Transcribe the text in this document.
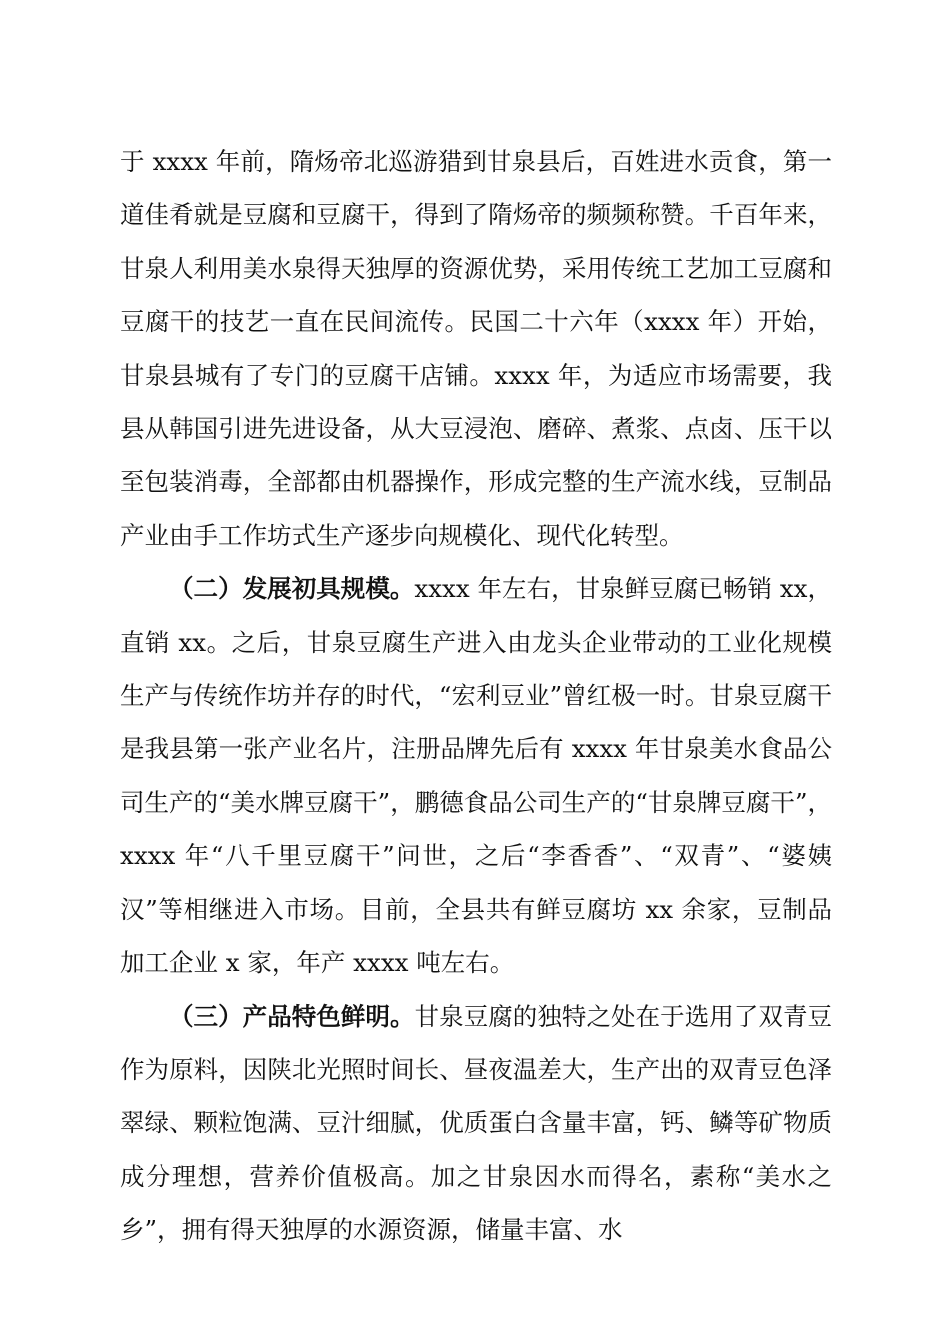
于 xxxx 年前，隋炀帝北巡游猎到甘泉县后，百姓进水贡食，第一道佳肴就是豆腐和豆腐干，得到了隋炀帝的频频称赞。千百年来，甘泉人利用美水泉得天独厚的资源优势，采用传统工艺加工豆腐和豆腐干的技艺一直在民间流传。民国二十六年（xxxx 年）开始，甘泉县城有了专门的豆腐干店铺。xxxx 年，为适应市场需要，我县从韩国引进先进设备，从大豆浸泡、磨碎、煮浆、点卤、压干以至包装消毒，全部都由机器操作，形成完整的生产流水线，豆制品产业由手工作坊式生产逐步向规模化、现代化转型。

（二）发展初具规模。xxxx 年左右，甘泉鲜豆腐已畅销 xx，直销 xx。之后，甘泉豆腐生产进入由龙头企业带动的工业化规模生产与传统作坊并存的时代，“宏利豆业”曾红极一时。甘泉豆腐干是我县第一张产业名片，注册品牌先后有 xxxx 年甘泉美水食品公司生产的“美水牌豆腐干”，鹏德食品公司生产的“甘泉牌豆腐干”，xxxx 年“八千里豆腐干”问世，之后“李香香”、“双青”、“婆姨汉”等相继进入市场。目前，全县共有鲜豆腐坊 xx 余家，豆制品加工企业 x 家，年产 xxxx 吨左右。

（三）产品特色鲜明。甘泉豆腐的独特之处在于选用了双青豆作为原料，因陕北光照时间长、昼夜温差大，生产出的双青豆色泽翠绿、颗粒饱满、豆汁细腻，优质蛋白含量丰富，钙、鳞等矿物质成分理想，营养价值极高。加之甘泉因水而得名，素称“美水之乡”，拥有得天独厚的水源资源，储量丰富、水
